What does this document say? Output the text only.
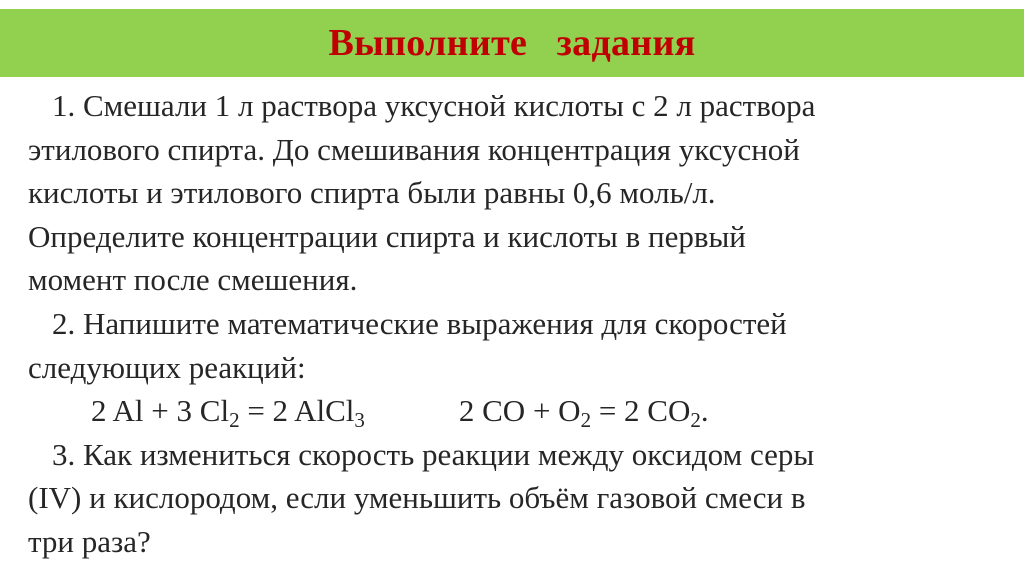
Выполните   задания
1. Смешали 1 л раствора уксусной кислоты с 2 л раствора
этилового спирта. До смешивания концентрация уксусной
кислоты и этилового спирта были равны 0,6 моль/л.
Определите концентрации спирта и кислоты в первый
момент после смешения.
2. Напишите математические выражения для скоростей
следующих реакций:
2 Al + 3 $Cl_2 = 2$ AlCl$_3$	2 CO + $O_2 = 2$ $CO_2$.
3. Как измениться скорость реакции между оксидом серы
(IV) и кислородом, если уменьшить объём газовой смеси в
три раза?
